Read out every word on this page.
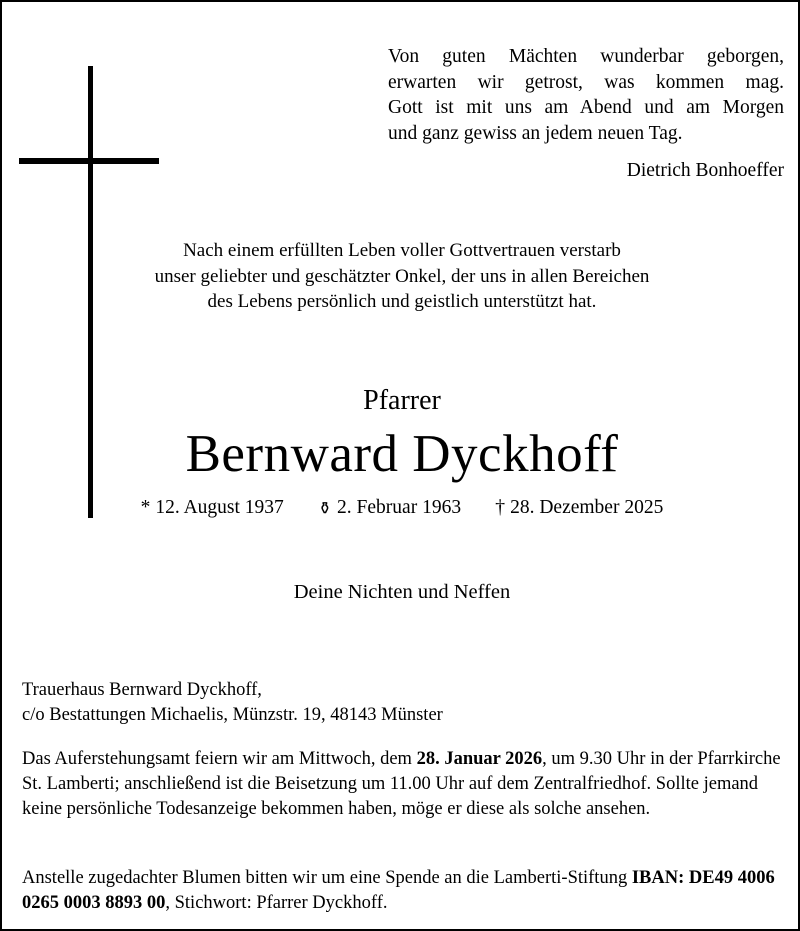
Von guten Mächten wunderbar geborgen,
erwarten wir getrost, was kommen mag.
Gott ist mit uns am Abend und am Morgen
und ganz gewiss an jedem neuen Tag.
Dietrich Bonhoeffer
Nach einem erfüllten Leben voller Gottvertrauen verstarb
unser geliebter und geschätzter Onkel, der uns in allen Bereichen
des Lebens persönlich und geistlich unterstützt hat.
Pfarrer
Bernward Dyckhoff
* 12. August 1937 ⚱ 2. Februar 1963 † 28. Dezember 2025
Deine Nichten und Neffen
Trauerhaus Bernward Dyckhoff,
c/o Bestattungen Michaelis, Münzstr. 19, 48143 Münster
Das Auferstehungsamt feiern wir am Mittwoch, dem 28. Januar 2026, um 9.30 Uhr in der Pfarrkirche St. Lamberti; anschließend ist die Beisetzung um 11.00 Uhr auf dem Zentralfriedhof. Sollte jemand keine persönliche Todesanzeige bekommen haben, möge er diese als solche ansehen.
Anstelle zugedachter Blumen bitten wir um eine Spende an die Lamberti-Stiftung IBAN: DE49 4006 0265 0003 8893 00, Stichwort: Pfarrer Dyckhoff.
